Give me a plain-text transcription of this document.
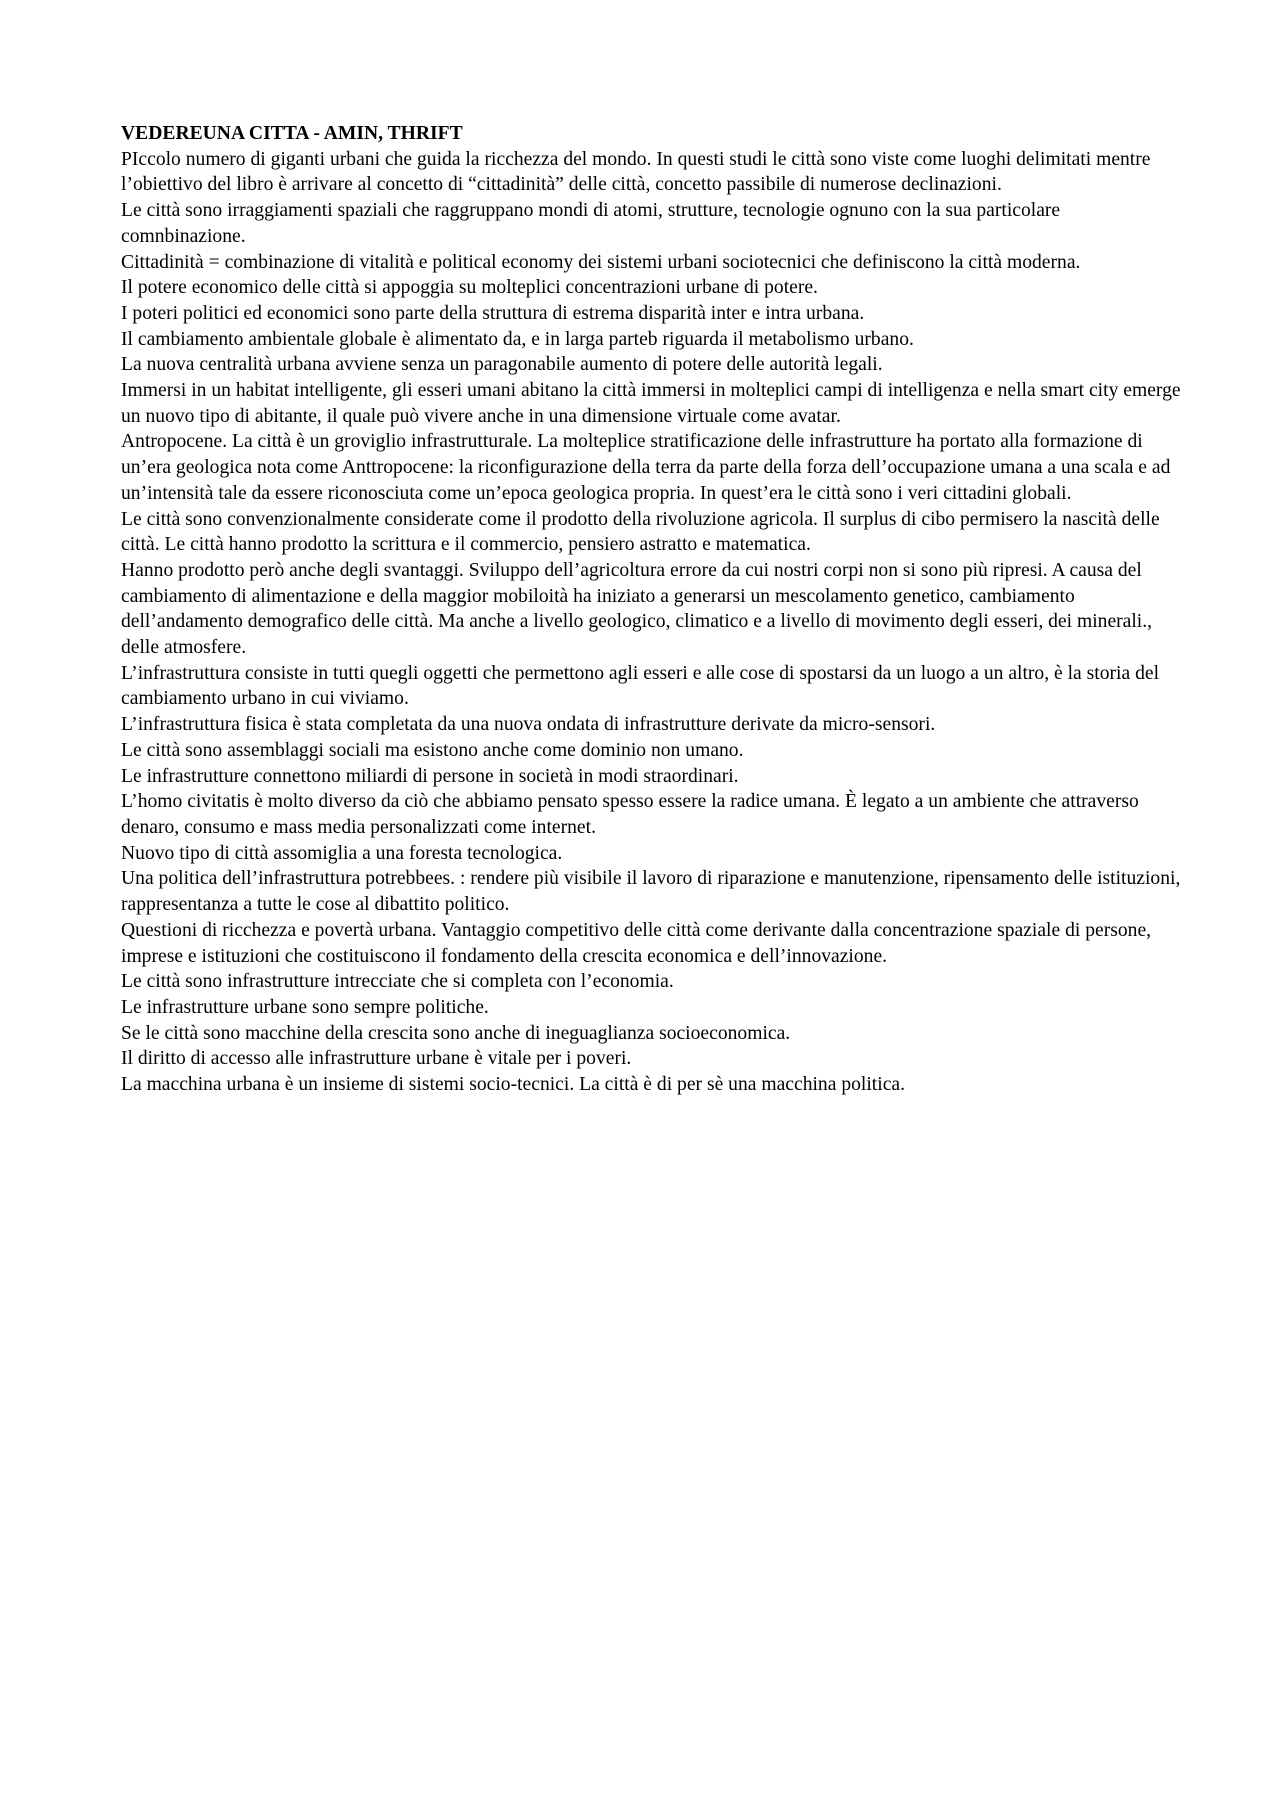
VEDEREUNA CITTA - AMIN, THRIFT
PIccolo numero di giganti urbani che guida la ricchezza del mondo. In questi studi le città sono viste come luoghi delimitati mentre l’obiettivo del libro è arrivare al concetto di “cittadinità” delle città, concetto passibile di numerose declinazioni.
Le città sono irraggiamenti spaziali che raggruppano mondi di atomi, strutture, tecnologie ognuno con la sua particolare comnbinazione.
Cittadinità = combinazione di vitalità e political economy dei sistemi urbani sociotecnici che definiscono la città moderna.
Il potere economico delle città si appoggia su molteplici concentrazioni urbane di potere.
I poteri politici ed economici sono parte della struttura di estrema disparità inter e intra urbana.
Il cambiamento ambientale globale è alimentato da, e in larga parteb riguarda il metabolismo urbano.
La nuova centralità urbana avviene senza un paragonabile aumento di potere delle autorità legali.
Immersi in un habitat intelligente, gli esseri umani abitano la città immersi in molteplici campi di intelligenza e nella smart city emerge un nuovo tipo di abitante, il quale può vivere anche in una dimensione virtuale come avatar.
Antropocene. La città è un groviglio infrastrutturale. La molteplice stratificazione delle infrastrutture ha portato alla formazione di un’era geologica nota come Anttropocene: la riconfigurazione della terra da parte della forza dell’occupazione umana a una scala e ad un’intensità tale da essere riconosciuta come un’epoca geologica propria. In quest’era le città sono i veri cittadini globali.
Le città sono convenzionalmente considerate come il prodotto della rivoluzione agricola. Il surplus di cibo permisero la nascità delle città. Le città hanno prodotto la scrittura e il commercio, pensiero astratto e matematica.
Hanno prodotto però anche degli svantaggi. Sviluppo dell’agricoltura errore da cui nostri corpi non si sono più ripresi. A causa del cambiamento di alimentazione e della maggior mobiloità ha iniziato a generarsi un mescolamento genetico, cambiamento dell’andamento demografico delle città. Ma anche a livello geologico, climatico e a livello di movimento degli esseri, dei minerali., delle atmosfere.
L’infrastruttura consiste in tutti quegli oggetti che permettono agli esseri e alle cose di spostarsi da un luogo a un altro, è la storia del cambiamento urbano in cui viviamo.
L’infrastruttura fisica è stata completata da una nuova ondata di infrastrutture derivate da micro-sensori.
Le città sono assemblaggi sociali ma esistono anche come dominio non umano.
Le infrastrutture connettono miliardi di persone in società in modi straordinari.
L’homo civitatis è molto diverso da ciò che abbiamo pensato spesso essere la radice umana. È legato a un ambiente che attraverso denaro, consumo e mass media personalizzati come internet.
Nuovo tipo di città assomiglia a una foresta tecnologica.
Una politica dell’infrastruttura potrebbees. : rendere più visibile il lavoro di riparazione e manutenzione, ripensamento delle istituzioni, rappresentanza a tutte le cose al dibattito politico.
Questioni di ricchezza e povertà urbana. Vantaggio competitivo delle città come derivante dalla concentrazione spaziale di persone, imprese e istituzioni che costituiscono il fondamento della crescita economica e dell’innovazione.
Le città sono infrastrutture intrecciate che si completa con l’economia.
Le infrastrutture urbane sono sempre politiche.
Se le città sono macchine della crescita sono anche di ineguaglianza socioeconomica.
Il diritto di accesso alle infrastrutture urbane è vitale per i poveri.
La macchina urbana è un insieme di sistemi socio-tecnici. La città è di per sè una macchina politica.
